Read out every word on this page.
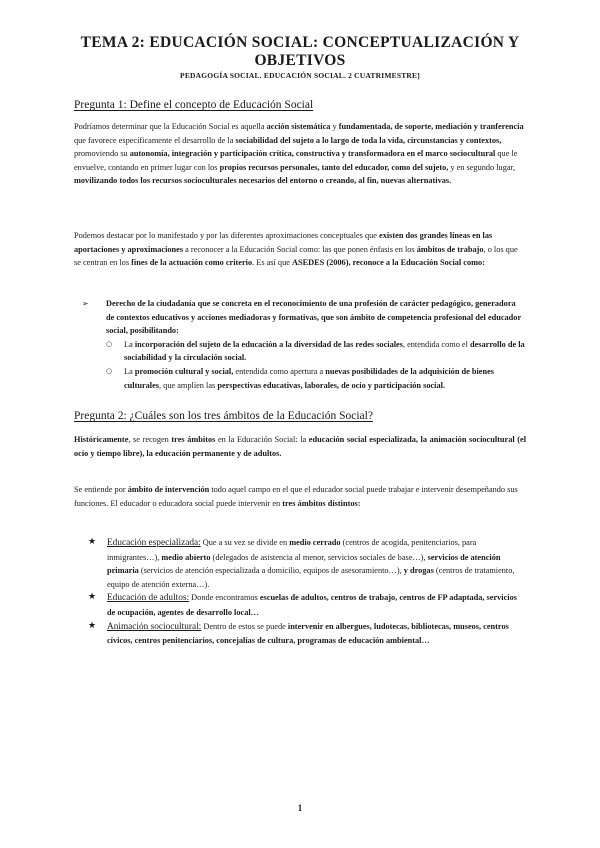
TEMA 2: EDUCACIÓN SOCIAL: CONCEPTUALIZACIÓN Y OBJETIVOS
PEDAGOGÍA SOCIAL. EDUCACIÓN SOCIAL. 2 CUATRIMESTRE]
Pregunta 1: Define el concepto de Educación Social

Podríamos determinar que la Educación Social es aquella acción sistemática y fundamentada, de soporte, mediación y tranferencia que favorece específicamente el desarrollo de la sociabilidad del sujeto a lo largo de toda la vida, circunstancias y contextos, promoviendo su autonomía, integración y participación crítica, constructiva y transformadora en el marco sociocultural que le envuelve, contando en primer lugar con los propios recursos personales, tanto del educador, como del sujeto, y en segundo lugar, movilizando todos los recursos socioculturales necesarios del entorno o creando, al fin, nuevas alternativas.

Podemos destacar por lo manifestado y por las diferentes aproximaciones conceptuales que existen dos grandes líneas en las aportaciones y aproximaciones a reconocer a la Educación Social como: las que ponen énfasis en los ámbitos de trabajo, o los que se centran en los fines de la actuación como criterio. Es así que ASEDES (2006), reconoce a la Educación Social como:

➢ Derecho de la ciudadanía que se concreta en el reconocimiento de una profesión de carácter pedagógico, generadora de contextos educativos y acciones mediadoras y formativas, que son ámbito de competencia profesional del educador social, posibilitando:
○ La incorporación del sujeto de la educación a la diversidad de las redes sociales, entendida como el desarrollo de la sociabilidad y la circulación social.
○ La promoción cultural y social, entendida como apertura a nuevas posibilidades de la adquisición de bienes culturales, que amplíen las perspectivas educativas, laborales, de ocio y participación social.
Pregunta 2: ¿Cuáles son los tres ámbitos de la Educación Social?

Históricamente, se recogen tres ámbitos en la Educación Social: la educación social especializada, la animación sociocultural (el ocio y tiempo libre), la educación permanente y de adultos.

Se entiende por ámbito de intervención todo aquel campo en el que el educador social puede trabajar e intervenir desempeñando sus funciones. El educador o educadora social puede intervenir en tres ámbitos distintos:

★ Educación especializada: Que a su vez se divide en medio cerrado (centros de acogida, penitenciarios, para inmigrantes…), medio abierto (delegados de asistencia al menor, servicios sociales de base…), servicios de atención primaria (servicios de atención especializada a domicilio, equipos de asesoramiento…), y drogas (centros de tratamiento, equipo de atención externa…).
★ Educación de adultos: Donde encontramos escuelas de adultos, centros de trabajo, centros de FP adaptada, servicios de ocupación, agentes de desarrollo local…
★ Animación sociocultural: Dentro de estos se puede intervenir en albergues, ludotecas, bibliotecas, museos, centros cívicos, centros penitenciarios, concejalías de cultura, programas de educación ambiental…
1
